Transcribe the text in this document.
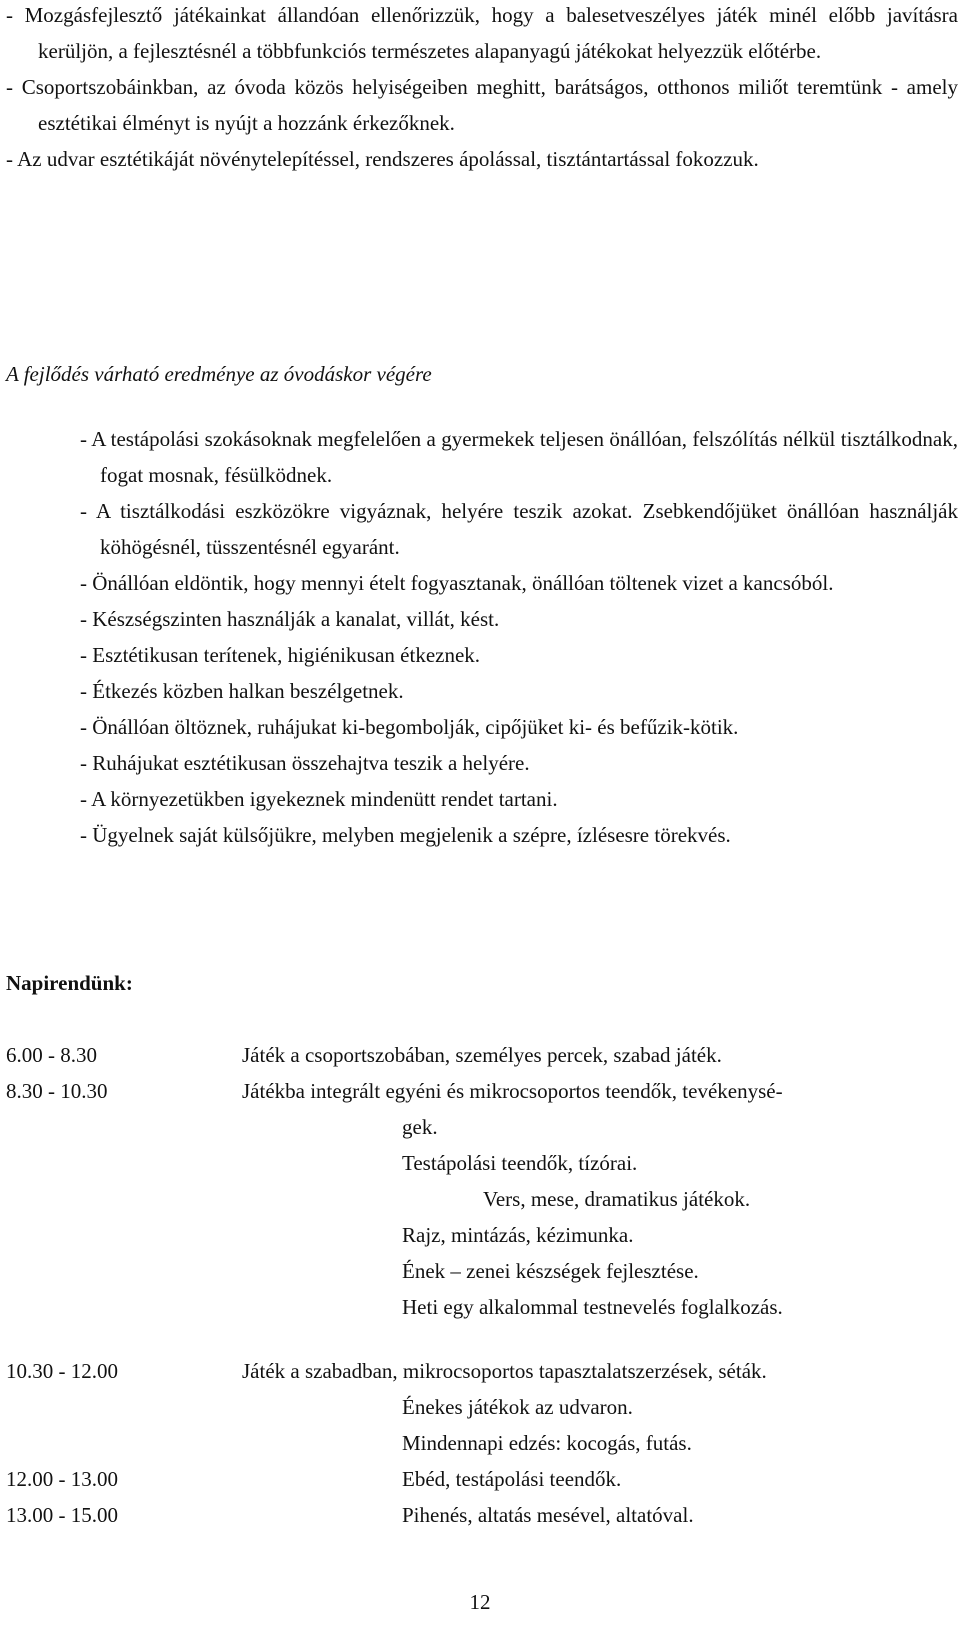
- Mozgásfejlesztő játékainkat állandóan ellenőrizzük, hogy a balesetveszélyes játék minél előbb javításra kerüljön, a fejlesztésnél a többfunkciós természetes alapanyagú játékokat helyezzük előtérbe.
- Csoportszobáinkban, az óvoda közös helyiségeiben meghitt, barátságos, otthonos miliőt teremtünk - amely esztétikai élményt is nyújt a hozzánk érkezőknek.
- Az udvar esztétikáját növénytelepítéssel, rendszeres ápolással, tisztántartással fokozzuk.
A fejlődés várható eredménye az óvodáskor végére
- A testápolási szokásoknak megfelelően a gyermekek teljesen önállóan, felszólítás nélkül tisztálkodnak, fogat mosnak, fésülködnek.
- A tisztálkodási eszközökre vigyáznak, helyére teszik azokat. Zsebkendőjüket önállóan használják köhögésnél, tüsszentésnél egyaránt.
- Önállóan eldöntik, hogy mennyi ételt fogyasztanak, önállóan töltenek vizet a kancsóból.
- Készségszinten használják a kanalat, villát, kést.
- Esztétikusan terítenek, higiénikusan étkeznek.
- Étkezés közben halkan beszélgetnek.
- Önállóan öltöznek, ruhájukat ki-begombolják, cipőjüket ki- és befűzik-kötik.
- Ruhájukat esztétikusan összehajtva teszik a helyére.
- A környezetükben igyekeznek mindenütt rendet tartani.
- Ügyelnek saját külsőjükre, melyben megjelenik a szépre, ízlésesre törekvés.
Napirendünk:
6.00 - 8.30	Játék a csoportszobában, személyes percek, szabad játék.
8.30 - 10.30	Játékba integrált egyéni és mikrocsoportos teendők, tevékenysé-
gek.
Testápolási teendők, tízórai.
Vers, mese, dramatikus játékok.
Rajz, mintázás, kézimunka.
Ének – zenei készségek fejlesztése.
Heti egy alkalommal testnevelés foglalkozás.
10.30 - 12.00	Játék a szabadban, mikrocsoportos tapasztalatszerzések, séták.
Énekes játékok az udvaron.
Mindennapi edzés: kocogás, futás.
12.00 - 13.00	Ebéd, testápolási teendők.
13.00 - 15.00	Pihenés, altatás mesével, altatóval.
12
